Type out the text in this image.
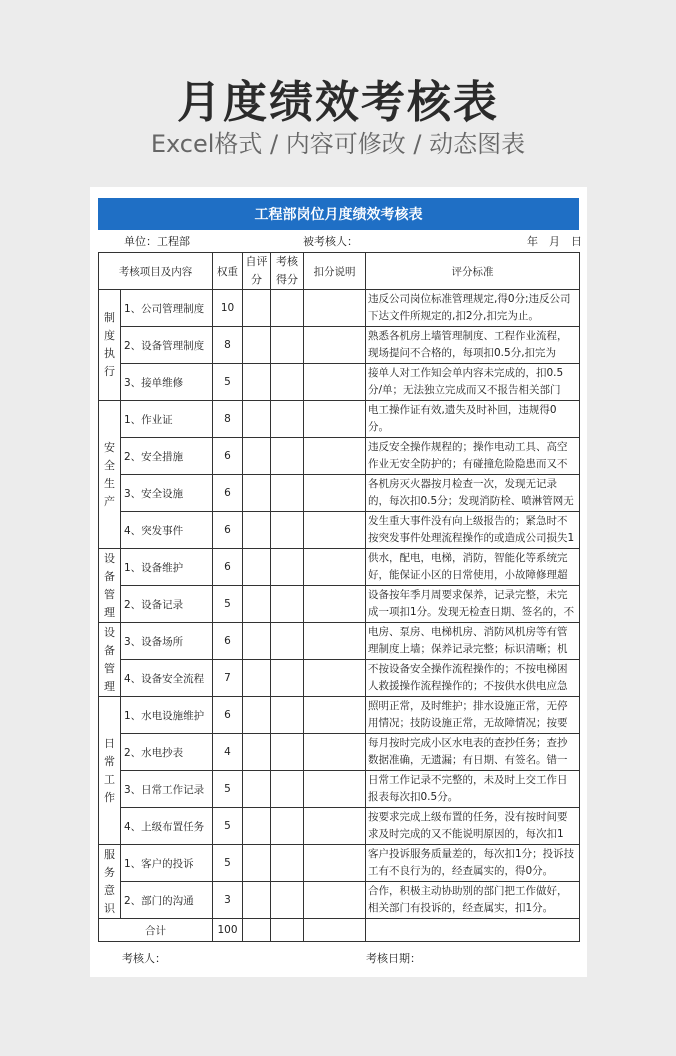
月度绩效考核表
Excel格式 / 内容可修改 / 动态图表
工程部岗位月度绩效考核表
单位：工程部	被考核人：	年　月　日
考核项目及内容		权重	自评分	考核得分	扣分说明	评分标准
制度执行	1、公司管理制度	10				违反公司岗位标准管理规定,得0分;违反公司下达文件所规定的,扣2分,扣完为止。

	2、设备管理制度	8				熟悉各机房上墙管理制度、工程作业流程，现场提问不合格的，每项扣0.5分,扣完为

	3、接单维修	5				接单人对工作知会单内容未完成的，扣0.5分/单；无法独立完成而又不报告相关部门

安全生产	1、作业证	8				电工操作证有效,遗失及时补回，违规得0分。

	2、安全措施	6				违反安全操作规程的；操作电动工具、高空作业无安全防护的；有碰撞危险隐患而又不

	3、安全设施	6				各机房灭火器按月检查一次，发现无记录的，每次扣0.5分；发现消防栓、喷淋管网无

	4、突发事件	6				发生重大事件没有向上级报告的；紧急时不按突发事件处理流程操作的或造成公司损失1

设备管理	1、设备维护	6				供水，配电，电梯，消防，智能化等系统完好，能保证小区的日常使用，小故障修理超

	2、设备记录	5				设备按年季月周要求保养，记录完整，未完成一项扣1分。发现无检查日期、签名的，不

设备管理	3、设备场所	6				电房、泵房、电梯机房、消防风机房等有管理制度上墙；保养记录完整；标识清晰；机

	4、设备安全流程	7				不按设备安全操作流程操作的；不按电梯困人救援操作流程操作的；不按供水供电应急

日常工作	1、水电设施维护	6				照明正常，及时维护；排水设施正常，无停用情况；技防设施正常，无故障情况；按要

	2、水电抄表	4				每月按时完成小区水电表的查抄任务；查抄数据准确，无遗漏；有日期、有签名。错一

	3、日常工作记录	5				日常工作记录不完整的，未及时上交工作日报表每次扣0.5分。

	4、上级布置任务	5				按要求完成上级布置的任务，没有按时间要求及时完成的又不能说明原因的，每次扣1

服务意识	1、客户的投诉	5				客户投诉服务质量差的，每次扣1分；投诉技工有不良行为的，经查属实的，得0分。

	2、部门的沟通	3				合作，积极主动协助别的部门把工作做好，相关部门有投诉的，经查属实，扣1分。

合计		100				
考核人：	考核日期：
